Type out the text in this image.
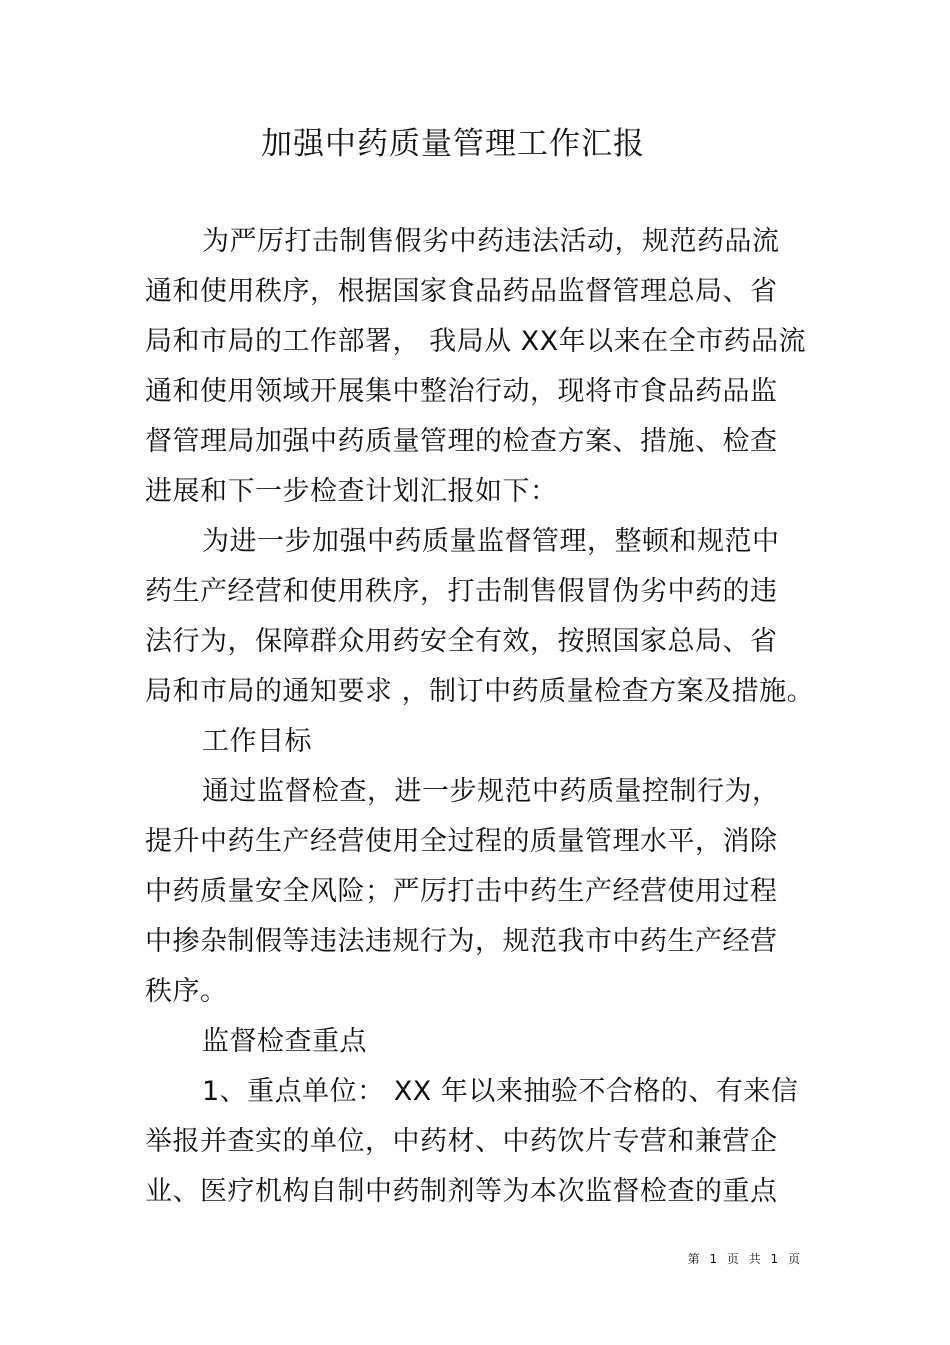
加强中药质量管理工作汇报
为严厉打击制售假劣中药违法活动，规范药品流
通和使用秩序，根据国家食品药品监督管理总局、省
局和市局的工作部署， 我局从 XX年以来在全市药品流
通和使用领域开展集中整治行动，现将市食品药品监
督管理局加强中药质量管理的检查方案、措施、检查
进展和下一步检查计划汇报如下：
为进一步加强中药质量监督管理，整顿和规范中
药生产经营和使用秩序，打击制售假冒伪劣中药的违
法行为，保障群众用药安全有效，按照国家总局、省
局和市局的通知要求 ，制订中药质量检查方案及措施。
工作目标
通过监督检查，进一步规范中药质量控制行为，
提升中药生产经营使用全过程的质量管理水平，消除
中药质量安全风险；严厉打击中药生产经营使用过程
中掺杂制假等违法违规行为，规范我市中药生产经营
秩序。
监督检查重点
1、重点单位： XX 年以来抽验不合格的、有来信
举报并查实的单位，中药材、中药饮片专营和兼营企
业、医疗机构自制中药制剂等为本次监督检查的重点
第 1 页 共 1 页
